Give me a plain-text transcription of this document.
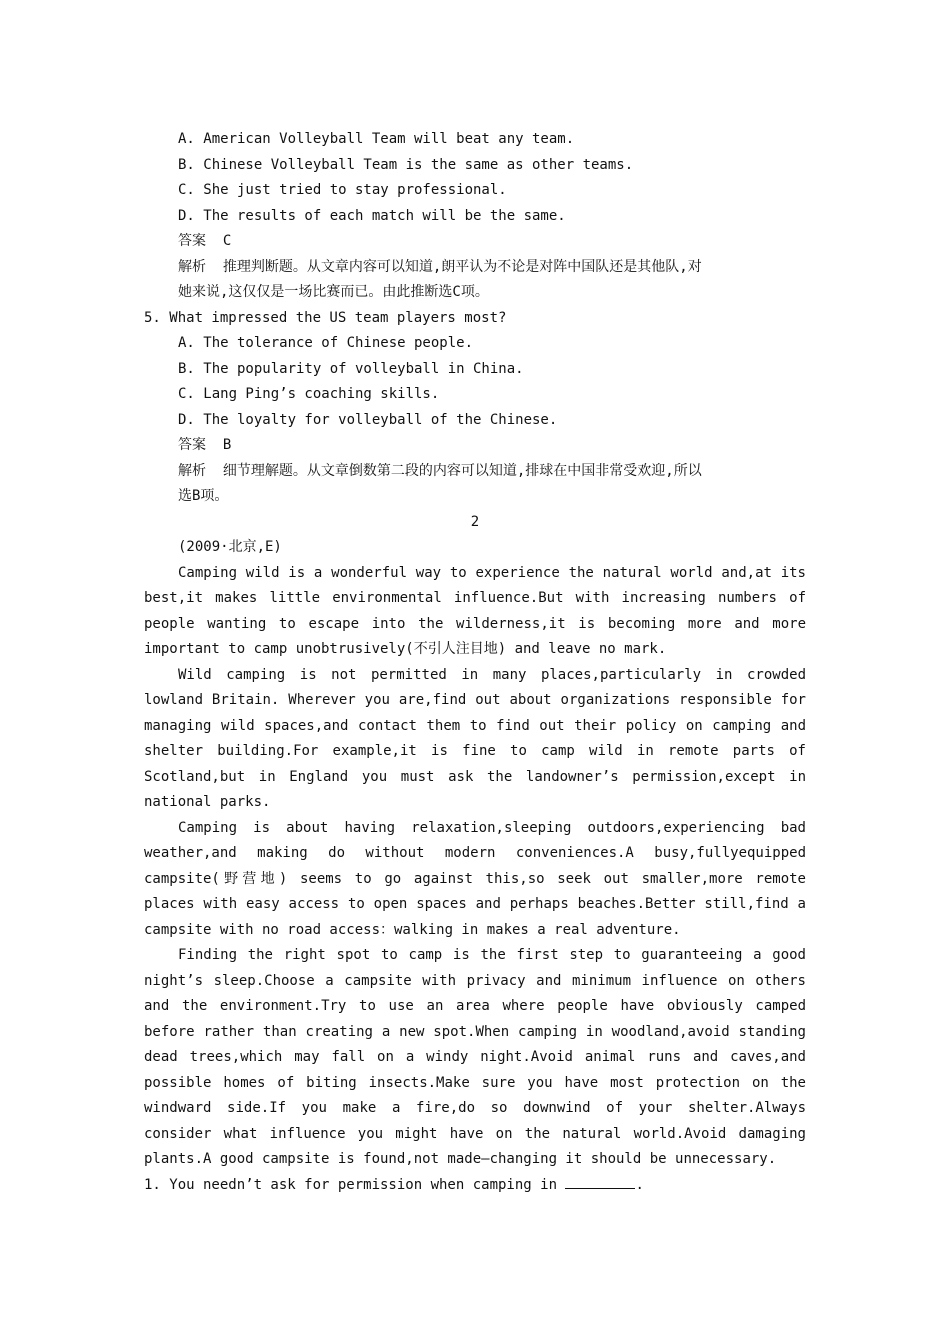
A. American Volleyball Team will beat any team.
B. Chinese Volleyball Team is the same as other teams.
C. She just tried to stay professional.
D. The results of each match will be the same.
答案  C
解析  推理判断题。从文章内容可以知道,朗平认为不论是对阵中国队还是其他队,对
她来说,这仅仅是一场比赛而已。由此推断选C项。
5. What impressed the US team players most?
A. The tolerance of Chinese people.
B. The popularity of volleyball in China.
C. Lang Ping’s coaching skills.
D. The loyalty for volleyball of the Chinese.
答案  B
解析  细节理解题。从文章倒数第二段的内容可以知道,排球在中国非常受欢迎,所以
选B项。
2
(2009·北京,E)
Camping wild is a wonderful way to experience the natural world and,at its best,it makes little environmental influence.But with increasing numbers of people wanting to escape into the wilderness,it is becoming more and more important to camp unobtrusively(不引人注目地) and leave no mark.
Wild camping is not permitted in many places,particularly in crowded lowland Britain. Wherever you are,find out about organizations responsible for managing wild spaces,and contact them to find out their policy on camping and shelter building.For example,it is fine to camp wild in remote parts of Scotland,but in England you must ask the landowner’s permission,except in national parks.
Camping is about having relaxation,sleeping outdoors,experiencing bad weather,and making do without modern conveniences.A busy,fullyequipped campsite(野营地) seems to go against this,so seek out smaller,more remote places with easy access to open spaces and perhaps beaches.Better still,find a campsite with no road access：walking in makes a real adventure.
Finding the right spot to camp is the first step to guaranteeing a good night’s sleep.Choose a campsite with privacy and minimum influence on others and the environment.Try to use an area where people have obviously camped before rather than creating a new spot.When camping in woodland,avoid standing dead trees,which may fall on a windy night.Avoid animal runs and caves,and possible homes of biting insects.Make sure you have most protection on the windward side.If you make a fire,do so downwind of your shelter.Always consider what influence you might have on the natural world.Avoid damaging plants.A good campsite is found,not made—changing it should be unnecessary.
1. You needn’t ask for permission when camping in	.
